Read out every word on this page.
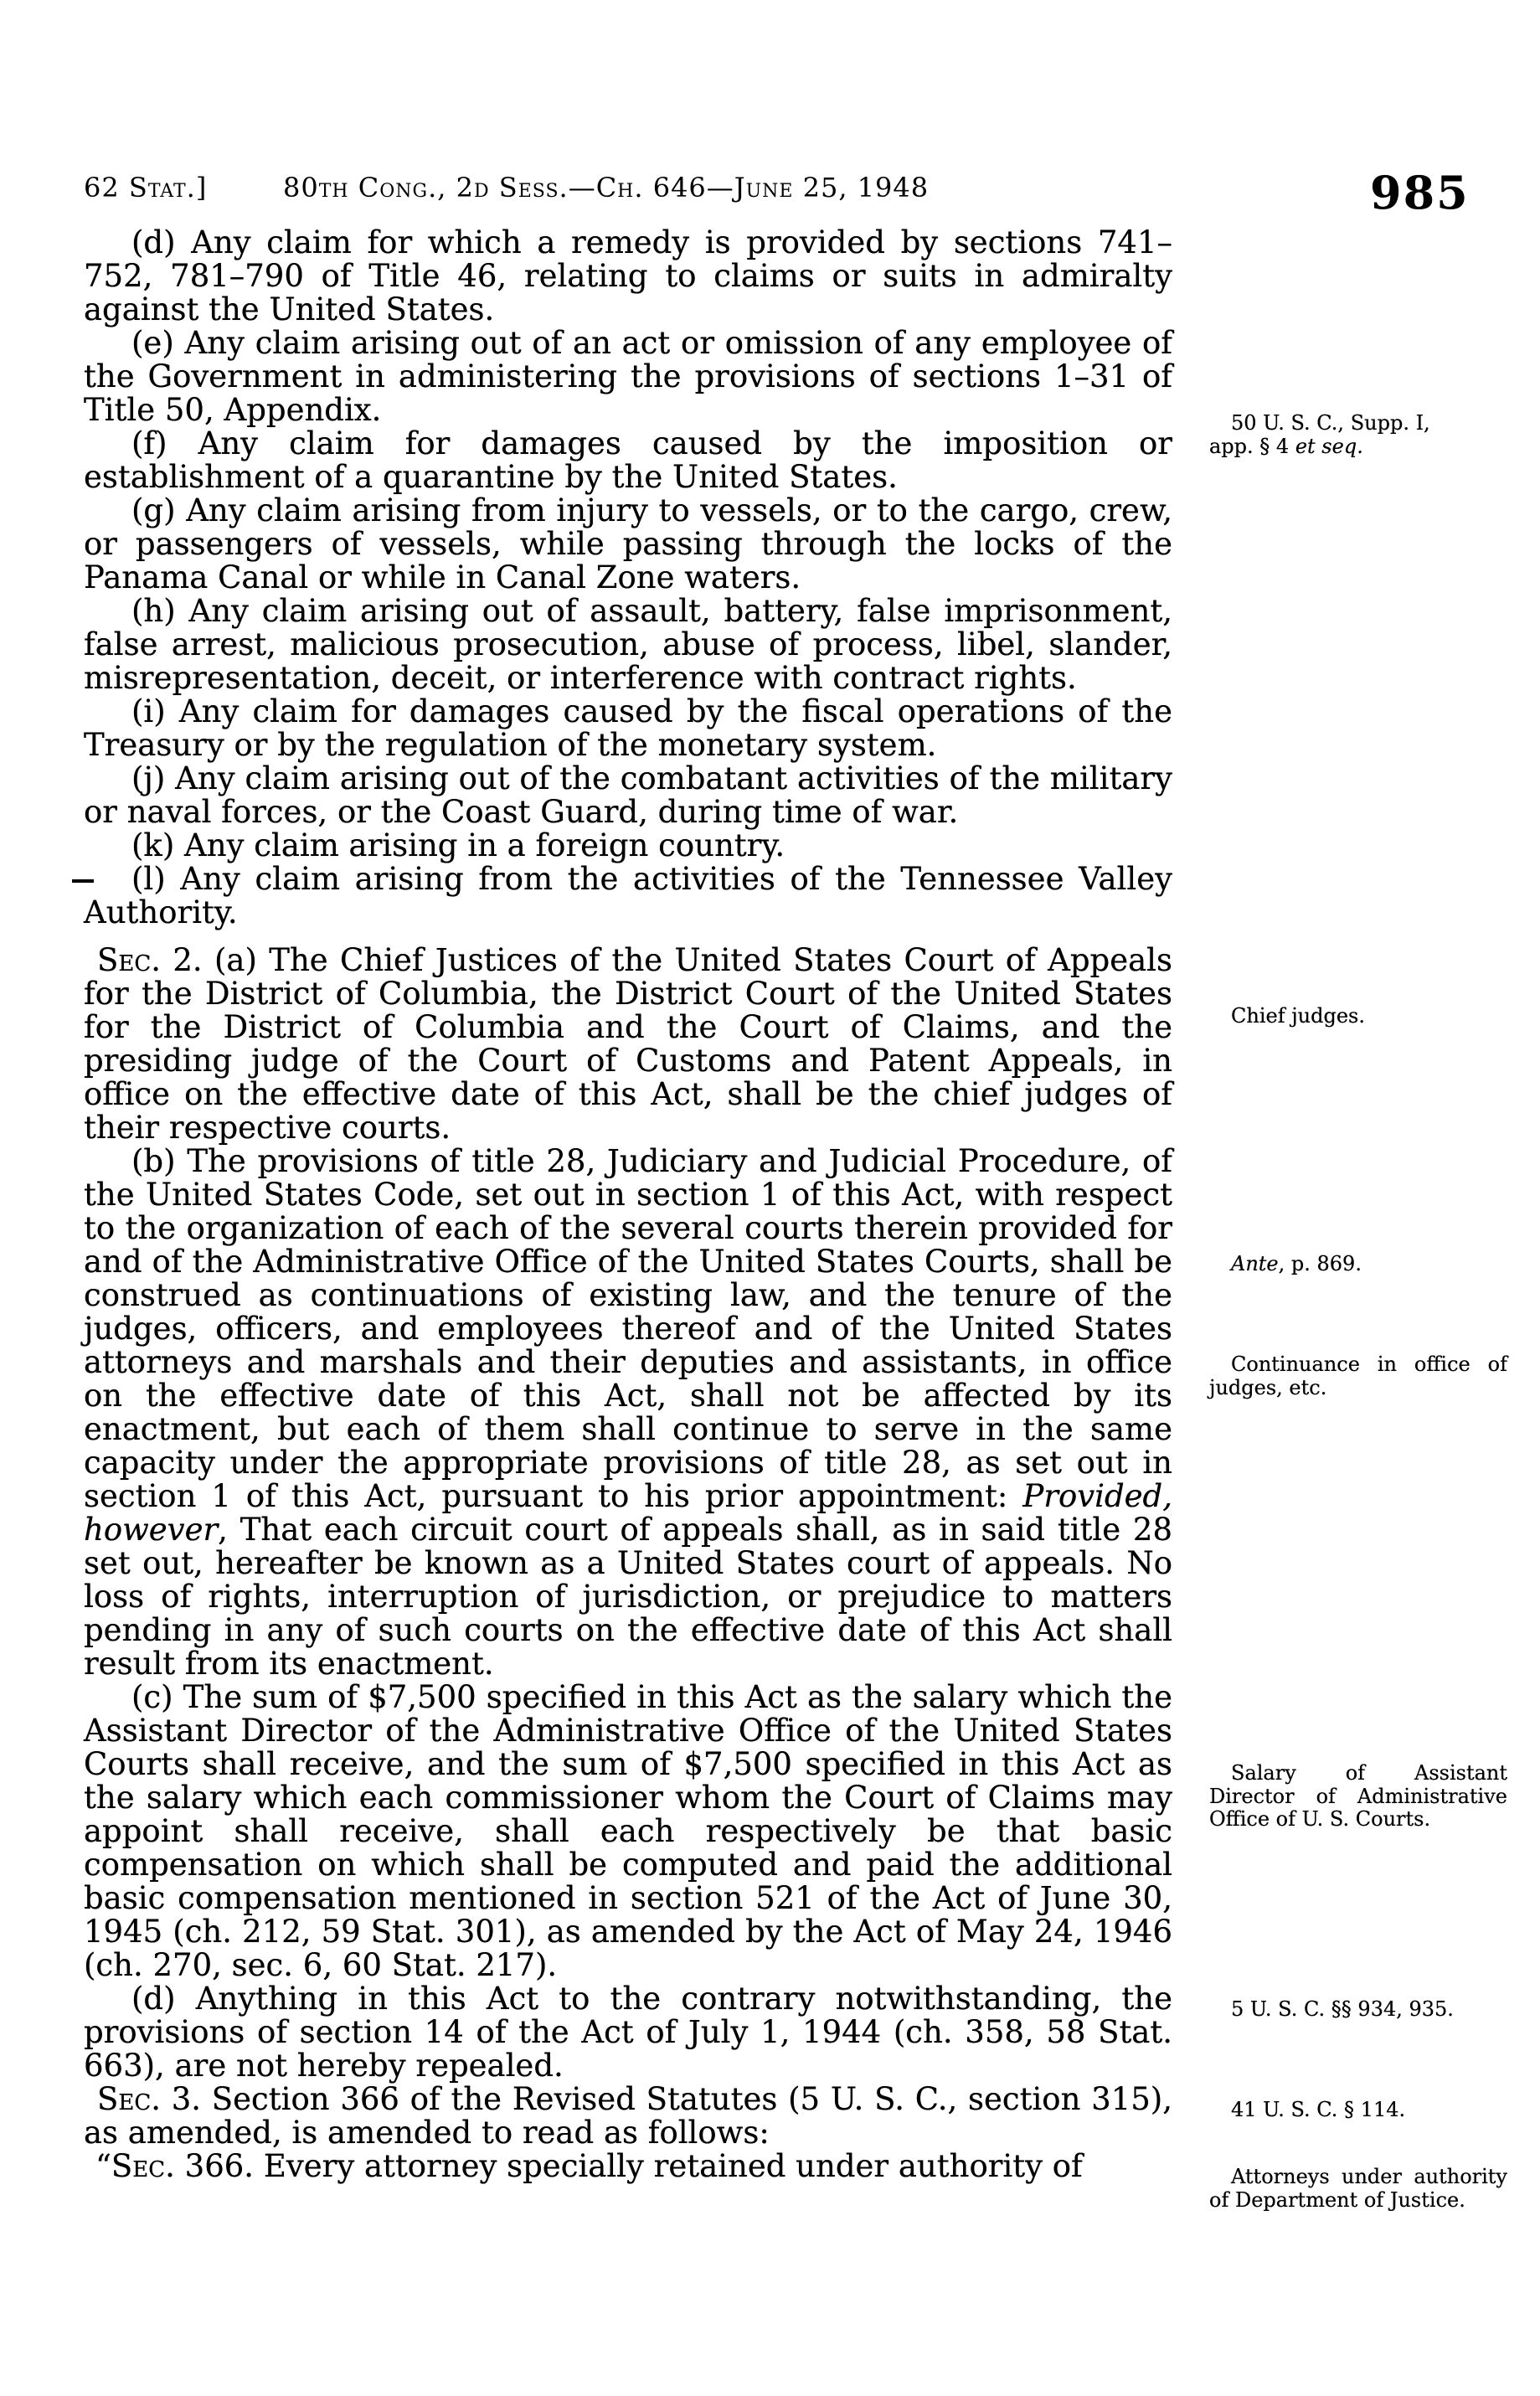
62 Stat.]	80th Cong., 2d Sess.—Ch. 646—June 25, 1948	985

(d) Any claim for which a remedy is provided by sections 741–752, 781–790 of Title 46, relating to claims or suits in admiralty against the United States.

(e) Any claim arising out of an act or omission of any employee of the Government in administering the provisions of sections 1–31 of Title 50, Appendix.

(f) Any claim for damages caused by the imposition or establishment of a quarantine by the United States.

(g) Any claim arising from injury to vessels, or to the cargo, crew, or passengers of vessels, while passing through the locks of the Panama Canal or while in Canal Zone waters.

(h) Any claim arising out of assault, battery, false imprisonment, false arrest, malicious prosecution, abuse of process, libel, slander, misrepresentation, deceit, or interference with contract rights.

(i) Any claim for damages caused by the fiscal operations of the Treasury or by the regulation of the monetary system.

(j) Any claim arising out of the combatant activities of the military or naval forces, or the Coast Guard, during time of war.

(k) Any claim arising in a foreign country.

(l) Any claim arising from the activities of the Tennessee Valley Authority.

Sec. 2. (a) The Chief Justices of the United States Court of Appeals for the District of Columbia, the District Court of the United States for the District of Columbia and the Court of Claims, and the presiding judge of the Court of Customs and Patent Appeals, in office on the effective date of this Act, shall be the chief judges of their respective courts.

(b) The provisions of title 28, Judiciary and Judicial Procedure, of the United States Code, set out in section 1 of this Act, with respect to the organization of each of the several courts therein provided for and of the Administrative Office of the United States Courts, shall be construed as continuations of existing law, and the tenure of the judges, officers, and employees thereof and of the United States attorneys and marshals and their deputies and assistants, in office on the effective date of this Act, shall not be affected by its enactment, but each of them shall continue to serve in the same capacity under the appropriate provisions of title 28, as set out in section 1 of this Act, pursuant to his prior appointment: Provided, however, That each circuit court of appeals shall, as in said title 28 set out, hereafter be known as a United States court of appeals. No loss of rights, interruption of jurisdiction, or prejudice to matters pending in any of such courts on the effective date of this Act shall result from its enactment.

(c) The sum of $7,500 specified in this Act as the salary which the Assistant Director of the Administrative Office of the United States Courts shall receive, and the sum of $7,500 specified in this Act as the salary which each commissioner whom the Court of Claims may appoint shall receive, shall each respectively be that basic compensation on which shall be computed and paid the additional basic compensation mentioned in section 521 of the Act of June 30, 1945 (ch. 212, 59 Stat. 301), as amended by the Act of May 24, 1946 (ch. 270, sec. 6, 60 Stat. 217).

(d) Anything in this Act to the contrary notwithstanding, the provisions of section 14 of the Act of July 1, 1944 (ch. 358, 58 Stat. 663), are not hereby repealed.

Sec. 3. Section 366 of the Revised Statutes (5 U. S. C., section 315), as amended, is amended to read as follows:

“Sec. 366. Every attorney specially retained under authority of

50 U. S. C., Supp. I,
app. § 4 et seq.
Chief judges.
Ante, p. 869.
Continuance in office of judges, etc.
Salary of Assistant Director of Administrative Office of U. S. Courts.
5 U. S. C. §§ 934, 935.
41 U. S. C. § 114.
Attorneys under authority of Department of Justice.
